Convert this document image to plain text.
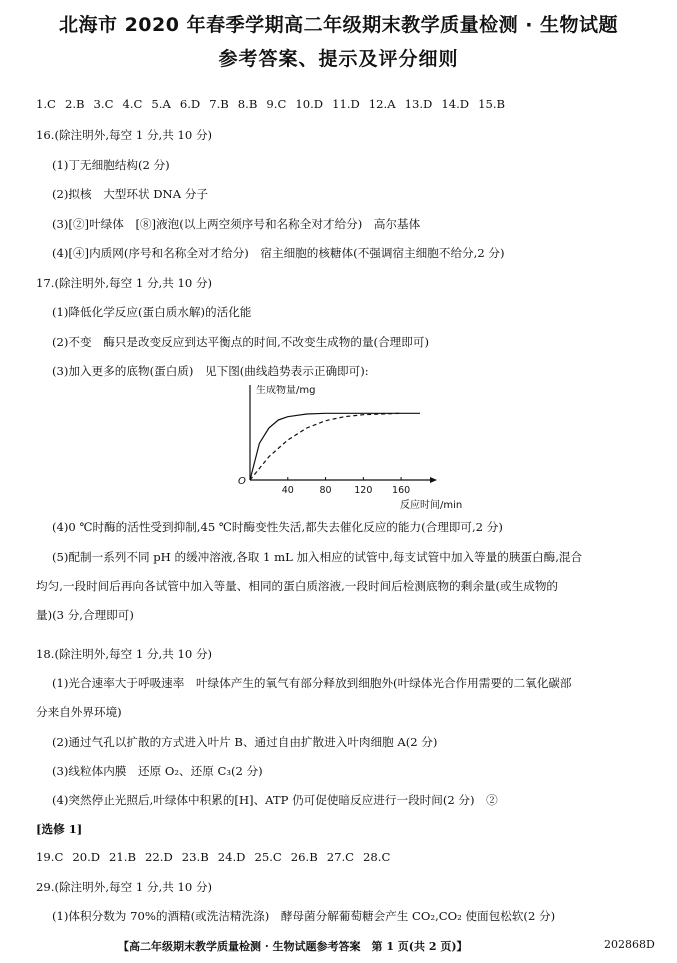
北海市 2020 年春季学期高二年级期末教学质量检测 · 生物试题
参考答案、提示及评分细则
1.C 2.B 3.C 4.C 5.A 6.D 7.B 8.B 9.C 10.D 11.D 12.A 13.D 14.D 15.B
16.(除注明外,每空 1 分,共 10 分)
(1)丁无细胞结构(2 分)
(2)拟核　大型环状 DNA 分子
(3)[②]叶绿体　[⑧]液泡(以上两空须序号和名称全对才给分)　高尔基体
(4)[④]内质网(序号和名称全对才给分)　宿主细胞的核糖体(不强调宿主细胞不给分,2 分)
17.(除注明外,每空 1 分,共 10 分)
(1)降低化学反应(蛋白质水解)的活化能
(2)不变　酶只是改变反应到达平衡点的时间,不改变生成物的量(合理即可)
(3)加入更多的底物(蛋白质)　见下图(曲线趋势表示正确即可):
生成物量/mg
反应时间/min
O
40	80 120 160
(4)0 ℃时酶的活性受到抑制,45 ℃时酶变性失活,都失去催化反应的能力(合理即可,2 分)
(5)配制一系列不同 pH 的缓冲溶液,各取 1 mL 加入相应的试管中,每支试管中加入等量的胰蛋白酶,混合
均匀,一段时间后再向各试管中加入等量、相同的蛋白质溶液,一段时间后检测底物的剩余量(或生成物的
量)(3 分,合理即可)
18.(除注明外,每空 1 分,共 10 分)
(1)光合速率大于呼吸速率　叶绿体产生的氧气有部分释放到细胞外(叶绿体光合作用需要的二氧化碳部
分来自外界环境)
(2)通过气孔以扩散的方式进入叶片 B、通过自由扩散进入叶肉细胞 A(2 分)
(3)线粒体内膜　还原 O₂、还原 C₃(2 分)
(4)突然停止光照后,叶绿体中积累的[H]、ATP 仍可促使暗反应进行一段时间(2 分)　②
[选修 1]
19.C 20.D 21.B 22.D 23.B 24.D 25.C 26.B 27.C 28.C
29.(除注明外,每空 1 分,共 10 分)
(1)体积分数为 70%的酒精(或洗洁精洗涤)　酵母菌分解葡萄糖会产生 CO₂,CO₂ 使面包松软(2 分)
【高二年级期末教学质量检测 · 生物试题参考答案　第 1 页(共 2 页)】	202868D
